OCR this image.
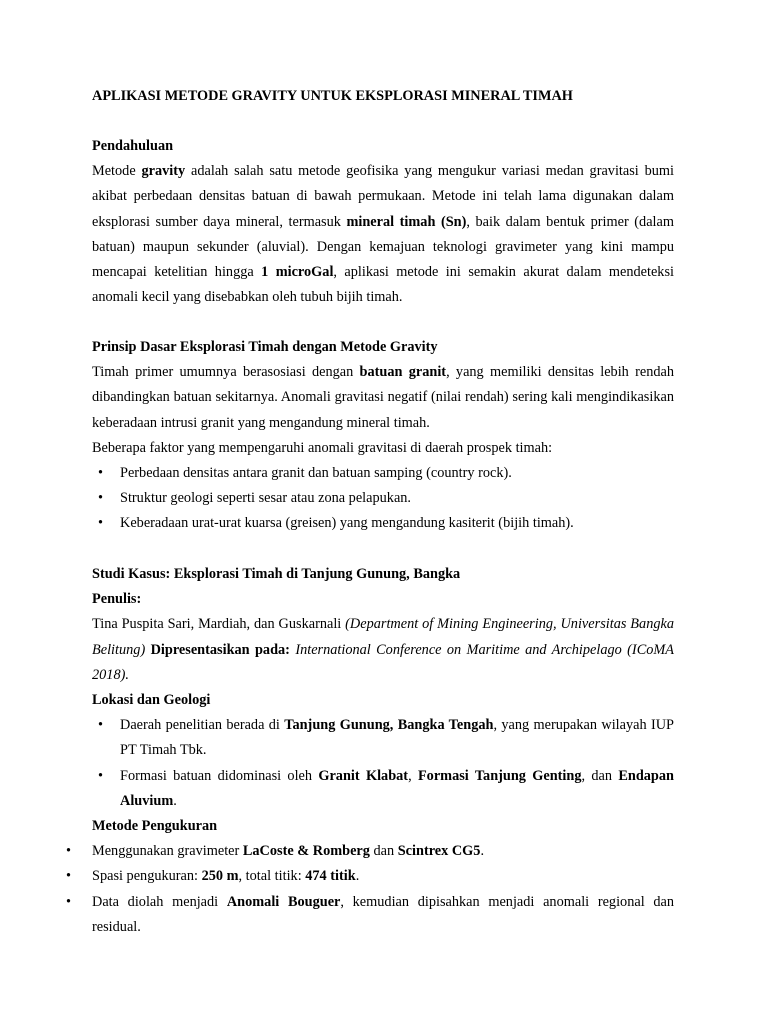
APLIKASI METODE GRAVITY UNTUK EKSPLORASI MINERAL TIMAH
Pendahuluan

Metode gravity adalah salah satu metode geofisika yang mengukur variasi medan gravitasi bumi akibat perbedaan densitas batuan di bawah permukaan. Metode ini telah lama digunakan dalam eksplorasi sumber daya mineral, termasuk mineral timah (Sn), baik dalam bentuk primer (dalam batuan) maupun sekunder (aluvial). Dengan kemajuan teknologi gravimeter yang kini mampu mencapai ketelitian hingga 1 microGal, aplikasi metode ini semakin akurat dalam mendeteksi anomali kecil yang disebabkan oleh tubuh bijih timah.

Prinsip Dasar Eksplorasi Timah dengan Metode Gravity

Timah primer umumnya berasosiasi dengan batuan granit, yang memiliki densitas lebih rendah dibandingkan batuan sekitarnya. Anomali gravitasi negatif (nilai rendah) sering kali mengindikasikan keberadaan intrusi granit yang mengandung mineral timah.

Beberapa faktor yang mempengaruhi anomali gravitasi di daerah prospek timah:
• Perbedaan densitas antara granit dan batuan samping (country rock).
• Struktur geologi seperti sesar atau zona pelapukan.
• Keberadaan urat-urat kuarsa (greisen) yang mengandung kasiterit (bijih timah).
Studi Kasus: Eksplorasi Timah di Tanjung Gunung, Bangka
Penulis:

Tina Puspita Sari, Mardiah, dan Guskarnali (Department of Mining Engineering, Universitas Bangka Belitung) Dipresentasikan pada: International Conference on Maritime and Archipelago (ICoMA 2018).

Lokasi dan Geologi
• Daerah penelitian berada di Tanjung Gunung, Bangka Tengah, yang merupakan wilayah IUP PT Timah Tbk.
• Formasi batuan didominasi oleh Granit Klabat, Formasi Tanjung Genting, dan Endapan Aluvium.
Metode Pengukuran
• Menggunakan gravimeter LaCoste & Romberg dan Scintrex CG5.
• Spasi pengukuran: 250 m, total titik: 474 titik.
• Data diolah menjadi Anomali Bouguer, kemudian dipisahkan menjadi anomali regional dan residual.
